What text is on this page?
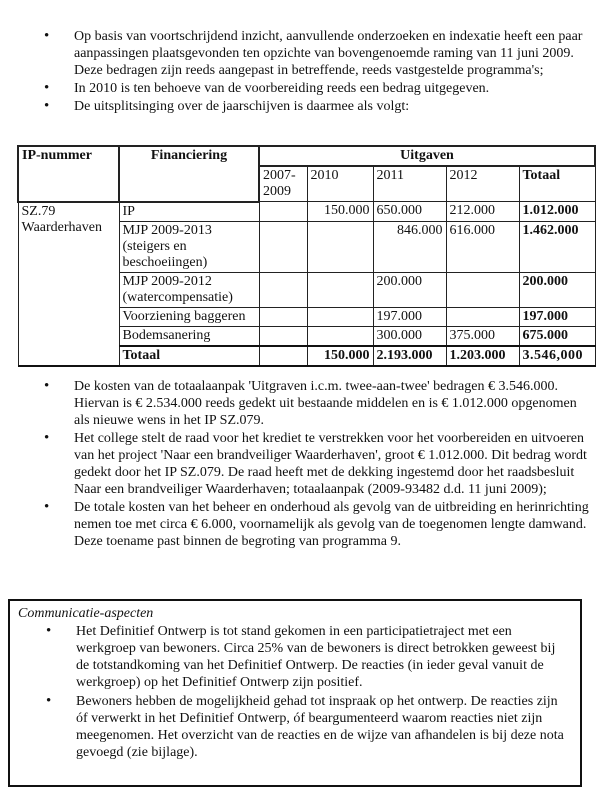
• Op basis van voortschrijdend inzicht, aanvullende onderzoeken en indexatie heeft een paar aanpassingen plaatsgevonden ten opzichte van bovengenoemde raming van 11 juni 2009. Deze bedragen zijn reeds aangepast in betreffende, reeds vastgestelde programma's;
• In 2010 is ten behoeve van de voorbereiding reeds een bedrag uitgegeven.
• De uitsplitsinging over de jaarschijven is daarmee als volgt:
IP-nummer	Financiering	Uitgaven				
		2007-2009	2010	2011	2012	Totaal

SZ.79
Waarderhaven	IP		150.000	650.000	212.000	1.012.000
	MJP 2009-2013 (steigers en beschoeiingen)			846.000	616.000	1.462.000
	MJP 2009-2012 (watercompensatie)			200.000		200.000
	Voorziening baggeren			197.000		197.000
	Bodemsanering			300.000	375.000	675.000
	Totaal		150.000	2.193.000	1.203.000	3.546,000
• De kosten van de totaalaanpak 'Uitgraven i.c.m. twee-aan-twee' bedragen € 3.546.000. Hiervan is € 2.534.000 reeds gedekt uit bestaande middelen en is € 1.012.000 opgenomen als nieuwe wens in het IP SZ.079.
• Het college stelt de raad voor het krediet te verstrekken voor het voorbereiden en uitvoeren van het project 'Naar een brandveiliger Waarderhaven', groot € 1.012.000. Dit bedrag wordt gedekt door het IP SZ.079. De raad heeft met de dekking ingestemd door het raadsbesluit Naar een brandveiliger Waarderhaven; totaalaanpak (2009-93482 d.d. 11 juni 2009);
• De totale kosten van het beheer en onderhoud als gevolg van de uitbreiding en herinrichting nemen toe met circa € 6.000, voornamelijk als gevolg van de toegenomen lengte damwand. Deze toename past binnen de begroting van programma 9.
Communicatie-aspecten
• Het Definitief Ontwerp is tot stand gekomen in een participatietraject met een werkgroep van bewoners. Circa 25% van de bewoners is direct betrokken geweest bij de totstandkoming van het Definitief Ontwerp. De reacties (in ieder geval vanuit de werkgroep) op het Definitief Ontwerp zijn positief.
• Bewoners hebben de mogelijkheid gehad tot inspraak op het ontwerp. De reacties zijn óf verwerkt in het Definitief Ontwerp, óf beargumenteerd waarom reacties niet zijn meegenomen. Het overzicht van de reacties en de wijze van afhandelen is bij deze nota gevoegd (zie bijlage).
